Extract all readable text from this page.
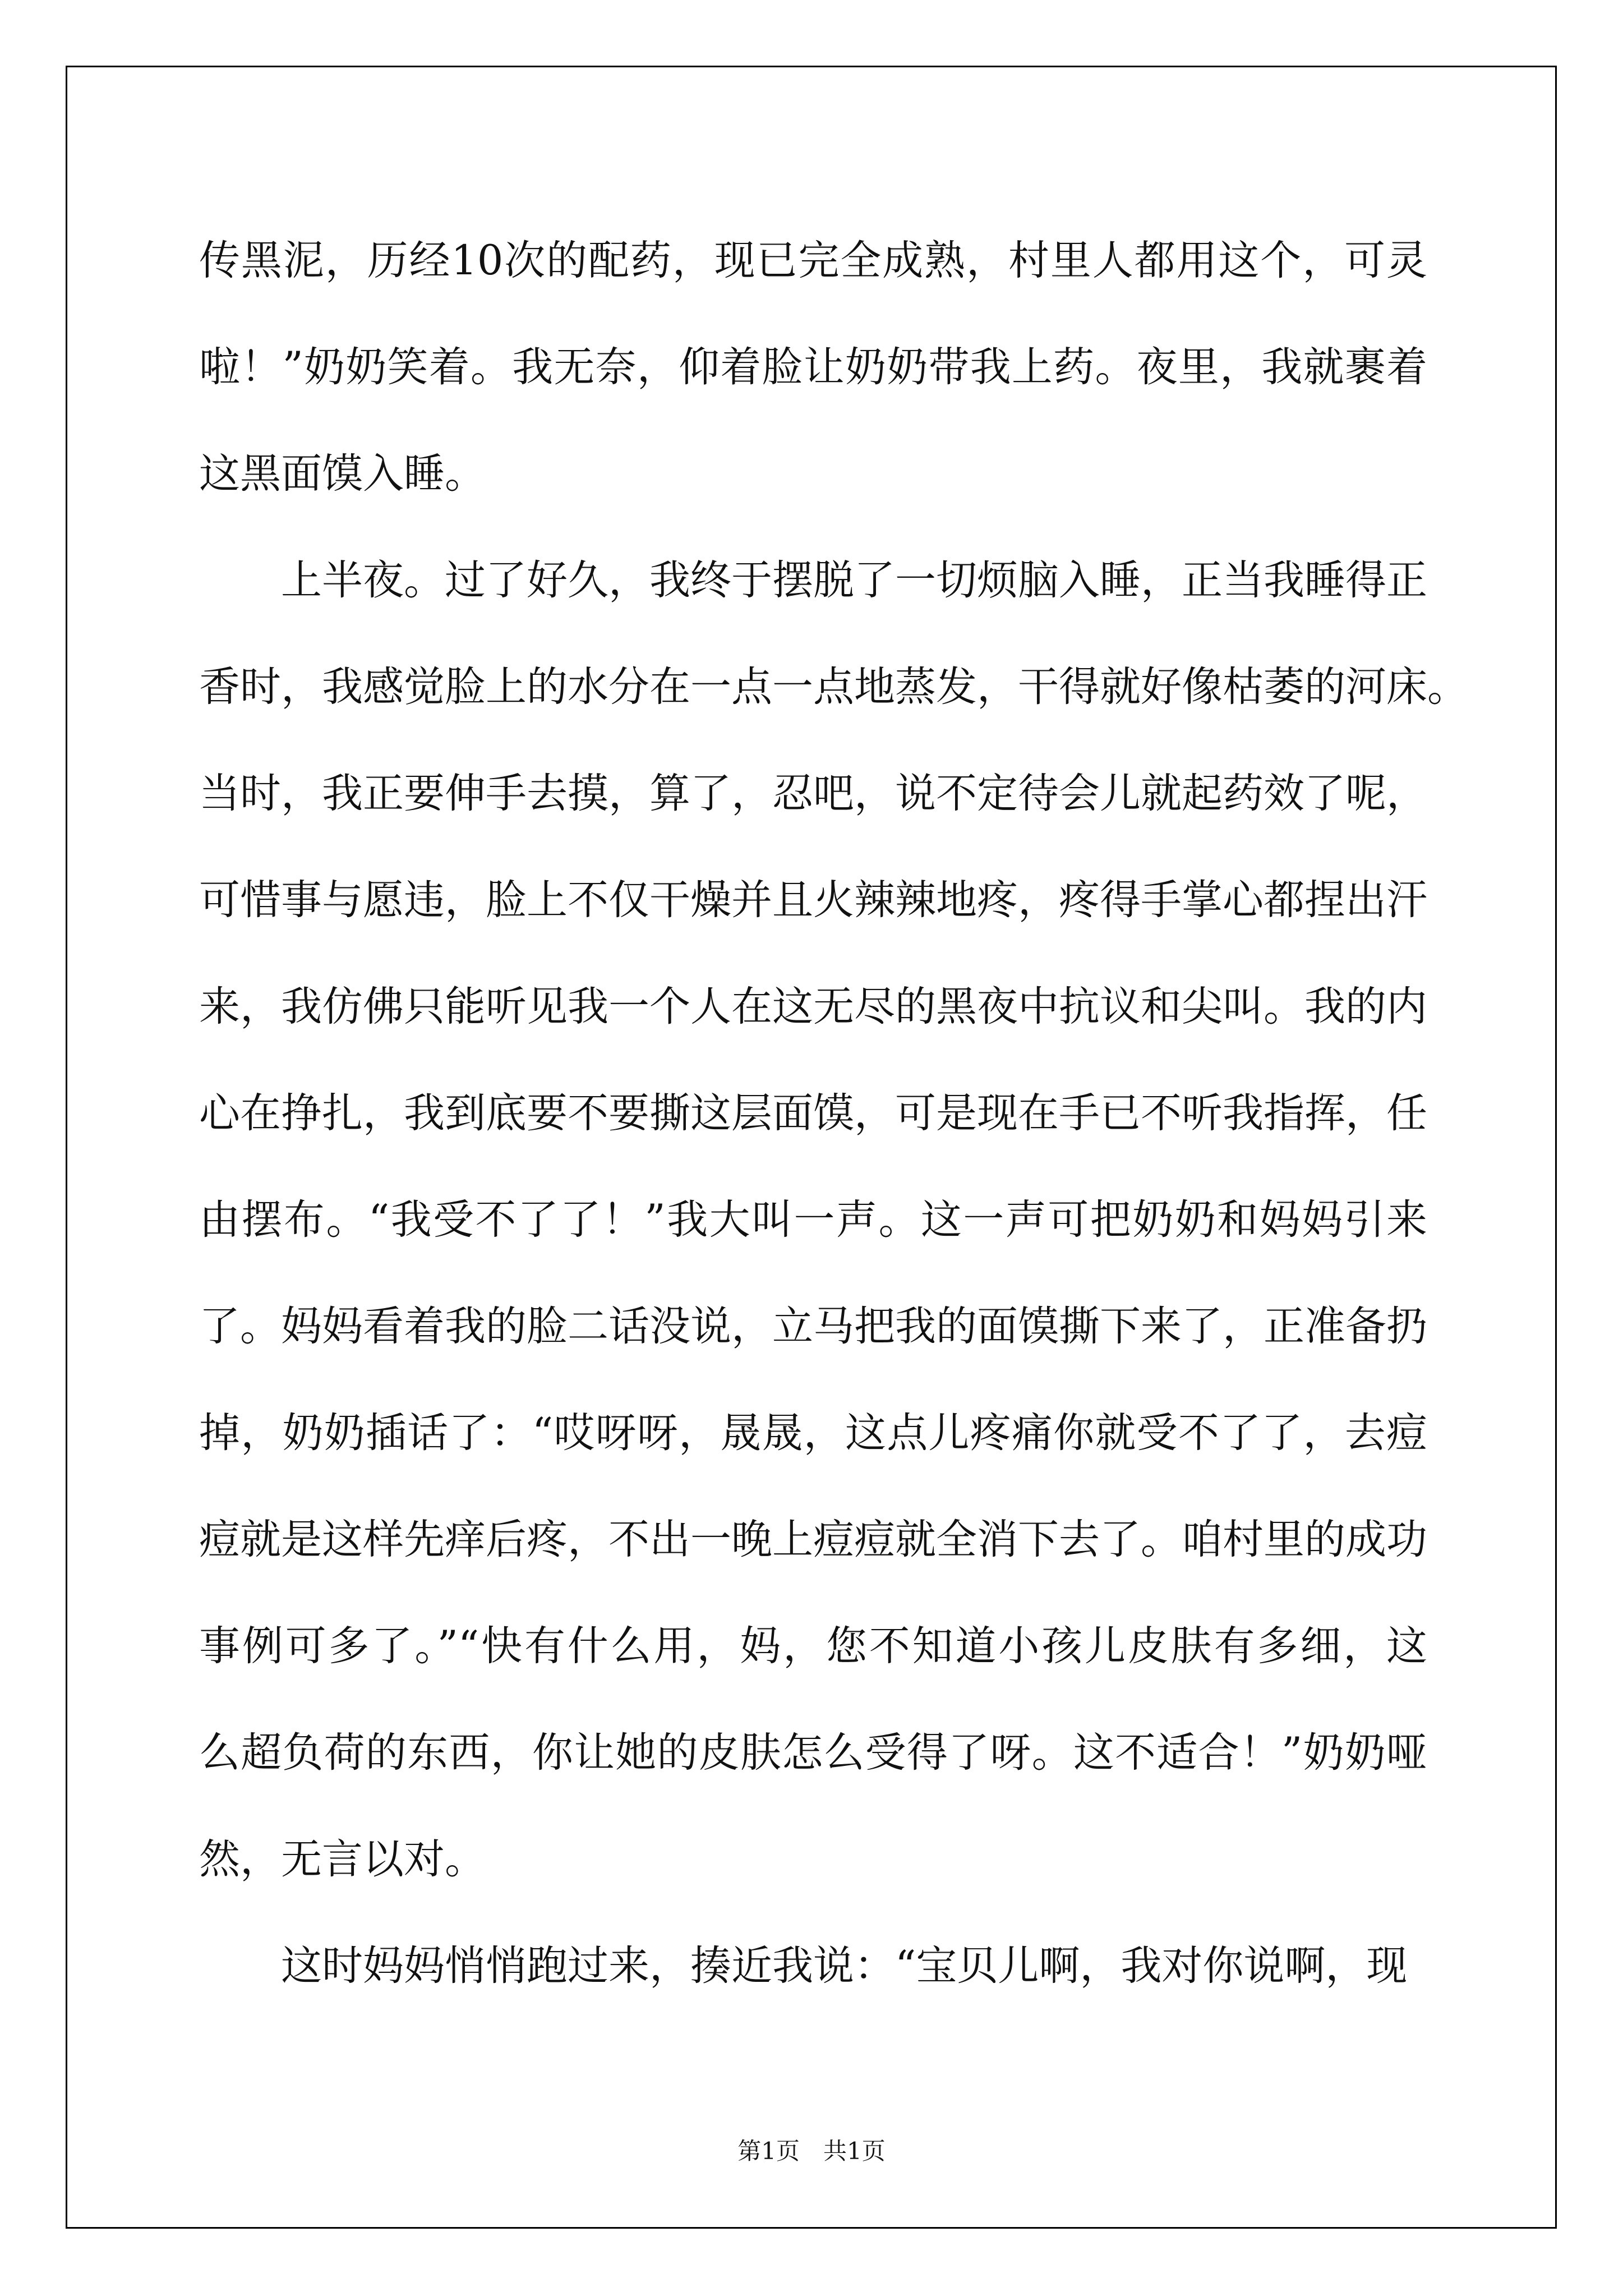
传黑泥，历经10次的配药，现已完全成熟，村里人都用这个，可灵
啦！”奶奶笑着。我无奈，仰着脸让奶奶带我上药。夜里，我就裹着
这黑面馍入睡。
上半夜。过了好久，我终于摆脱了一切烦脑入睡，正当我睡得正
香时，我感觉脸上的水分在一点一点地蒸发，干得就好像枯萎的河床。
当时，我正要伸手去摸，算了，忍吧，说不定待会儿就起药效了呢，
可惜事与愿违，脸上不仅干燥并且火辣辣地疼，疼得手掌心都捏出汗
来，我仿佛只能听见我一个人在这无尽的黑夜中抗议和尖叫。我的内
心在挣扎，我到底要不要撕这层面馍，可是现在手已不听我指挥，任
由摆布。“我受不了了！”我大叫一声。这一声可把奶奶和妈妈引来
了。妈妈看着我的脸二话没说，立马把我的面馍撕下来了，正准备扔
掉，奶奶插话了：“哎呀呀，晟晟，这点儿疼痛你就受不了了，去痘
痘就是这样先痒后疼，不出一晚上痘痘就全消下去了。咱村里的成功
事例可多了。”“快有什么用，妈，您不知道小孩儿皮肤有多细，这
么超负荷的东西，你让她的皮肤怎么受得了呀。这不适合！”奶奶哑
然，无言以对。
这时妈妈悄悄跑过来，揍近我说：“宝贝儿啊，我对你说啊，现
第1页　共1页
